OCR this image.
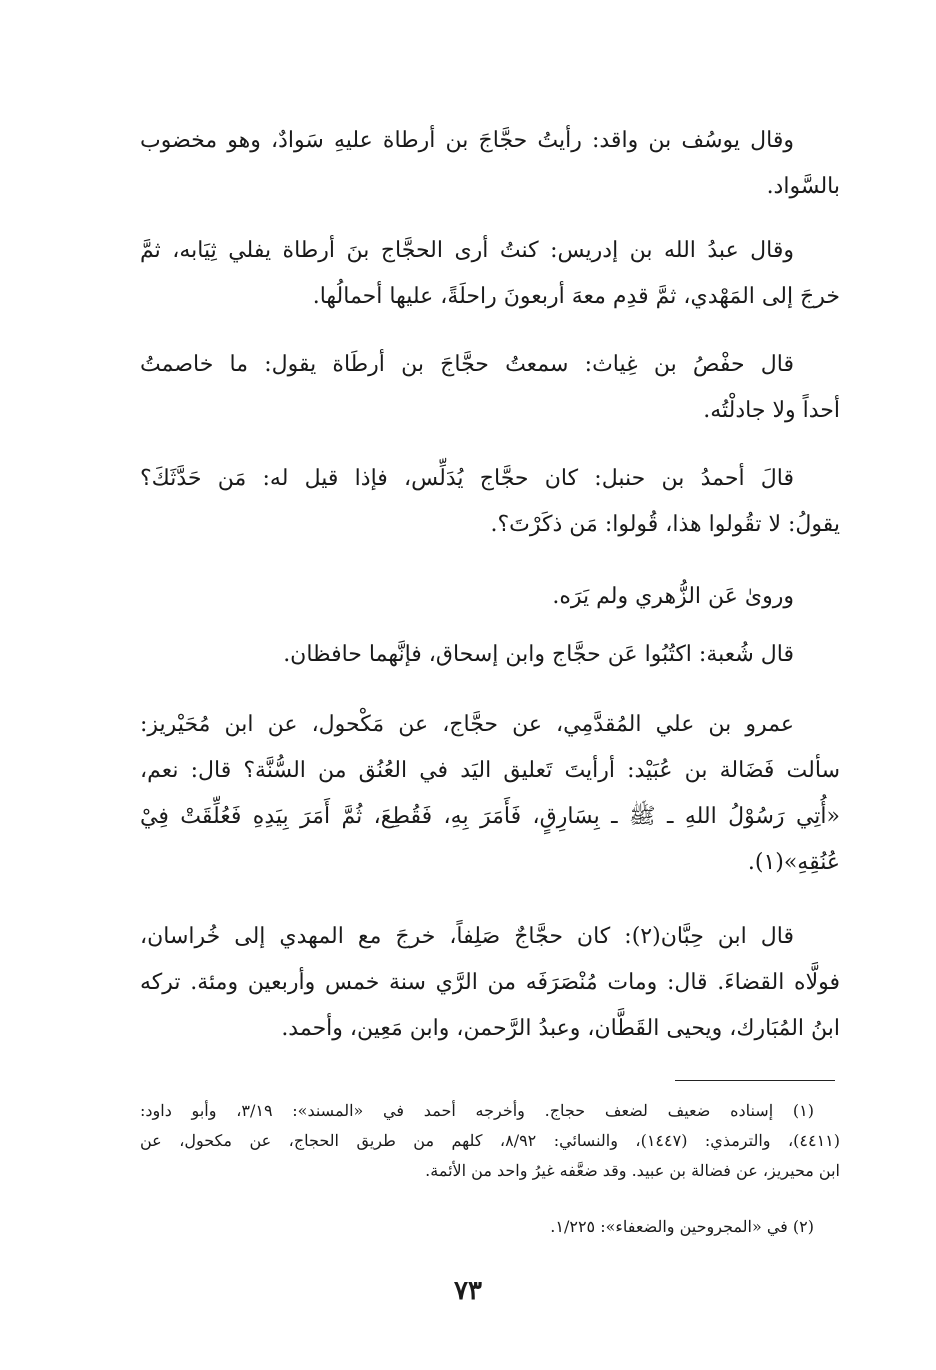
وقال يوسُف بن واقد: رأيتُ حجَّاجَ بن أرطاة عليهِ سَوادٌ، وهو مخضوب
بالسَّواد.
وقال عبدُ الله بن إدريس: كنتُ أرى الحجَّاج بنَ أرطاة يفلي ثِيَابه، ثمَّ
خرجَ إلى المَهْدي، ثمَّ قدِم معهَ أربعونَ راحلَةً، عليها أحمالُها.
قال حفْصُ بن غِياث: سمعتُ حجَّاجَ بن أرطَاة يقول: ما خاصمتُ
أحداً ولا جادلْتُه.
قالَ أحمدُ بن حنبل: كان حجَّاج يُدَلِّس، فإذا قيل له: مَن حَدَّثَكَ؟
يقولُ: لا تقُولوا هذا، قُولوا: مَن ذكَرْتَ؟.
وروىٰ عَن الزُّهري ولم يَرَه.
قال شُعبة: اكتُبُوا عَن حجَّاج وابن إسحاق، فإنَّهما حافظان.
عمرو بن علي المُقدَّمِي، عن حجَّاج، عن مَكْحول، عن ابن مُحَيْريز:
سألت فَضَالة بن عُبَيْد: أرأيتَ تَعليق اليَد في العُنُق من السُّنَّة؟ قال: نعم،
«أُتِي رَسُوْلُ اللهِ ـ ﷺ ـ بِسَارِقٍ، فَأَمَرَ بِهِ، فَقُطِعَ، ثُمَّ أَمَرَ بِيَدِهِ فَعُلِّقَتْ فِيْ
عُنُقِهِ»(١).
قال ابن حِبَّان(٢): كان حجَّاجٌ صَلِفاً، خرجَ مع المهدي إلى خُراسان،
فولَّاه القضاءَ. قال: ومات مُنْصَرَفَه من الرَّي سنة خمس وأربعين ومئة. تركه
ابنُ المُبَارك، ويحيى القَطَّان، وعبدُ الرَّحمن، وابن مَعِين، وأحمد.
(١) إسناده ضعيف لضعف حجاج. وأخرجه أحمد في «المسند»: ٣/١٩، وأبو داود:
(٤٤١١)، والترمذي: (١٤٤٧)، والنسائي: ٨/٩٢، كلهم من طريق الحجاج، عن مكحول، عن
ابن محيريز، عن فضالة بن عبيد. وقد ضعَّفه غيرُ واحد من الأئمة.
(٢) في «المجروحين والضعفاء»: ١/٢٢٥.
٧٣
